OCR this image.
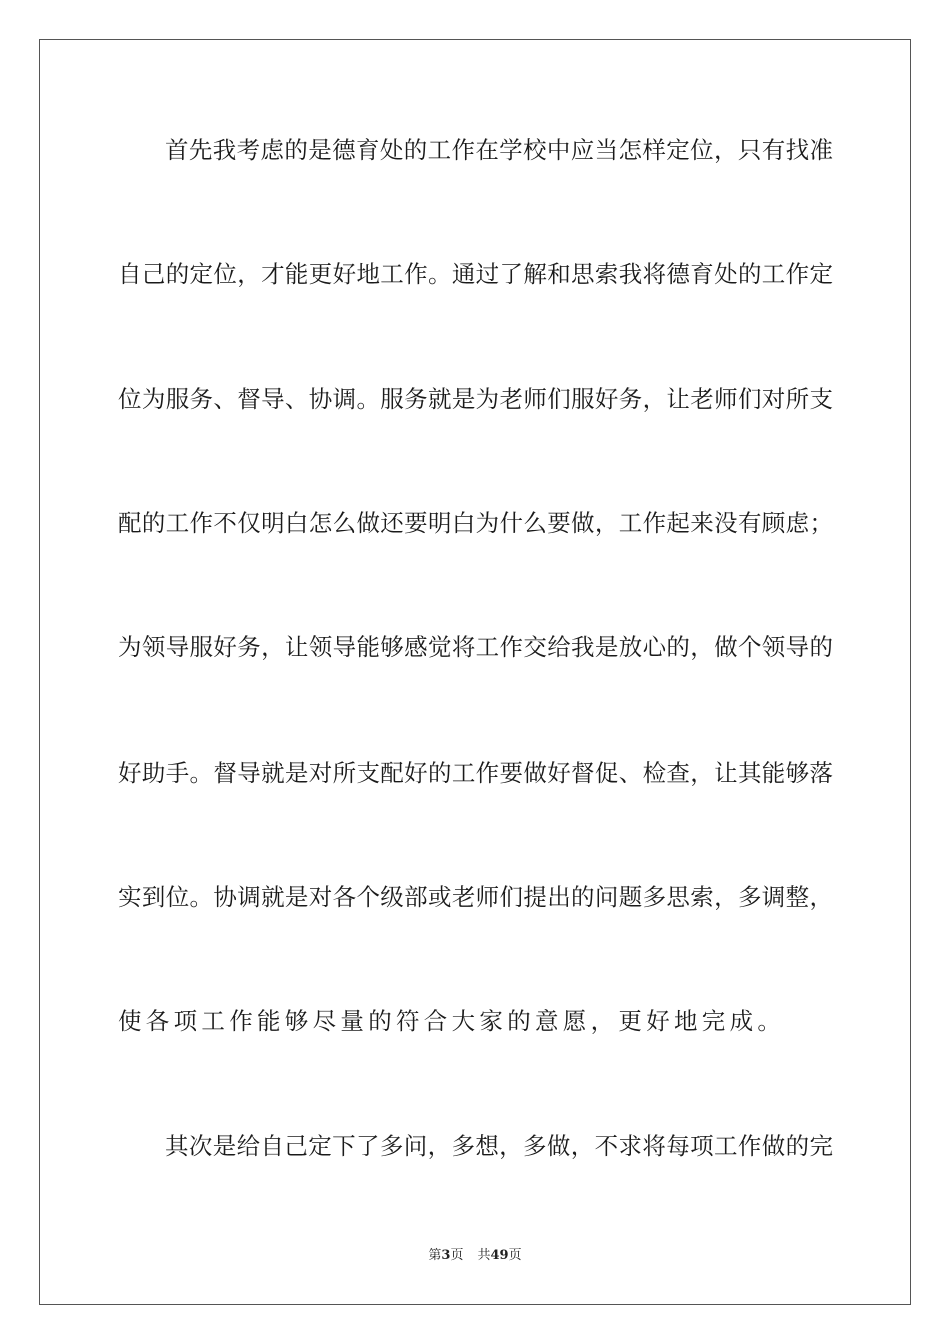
首先我考虑的是德育处的工作在学校中应当怎样定位，只有找准
自己的定位，才能更好地工作。通过了解和思索我将德育处的工作定
位为服务、督导、协调。服务就是为老师们服好务，让老师们对所支
配的工作不仅明白怎么做还要明白为什么要做，工作起来没有顾虑；
为领导服好务，让领导能够感觉将工作交给我是放心的，做个领导的
好助手。督导就是对所支配好的工作要做好督促、检查，让其能够落
实到位。协调就是对各个级部或老师们提出的问题多思索，多调整，
使各项工作能够尽量的符合大家的意愿，更好地完成。
其次是给自己定下了多问，多想，多做，不求将每项工作做的完
第3页 共49页
